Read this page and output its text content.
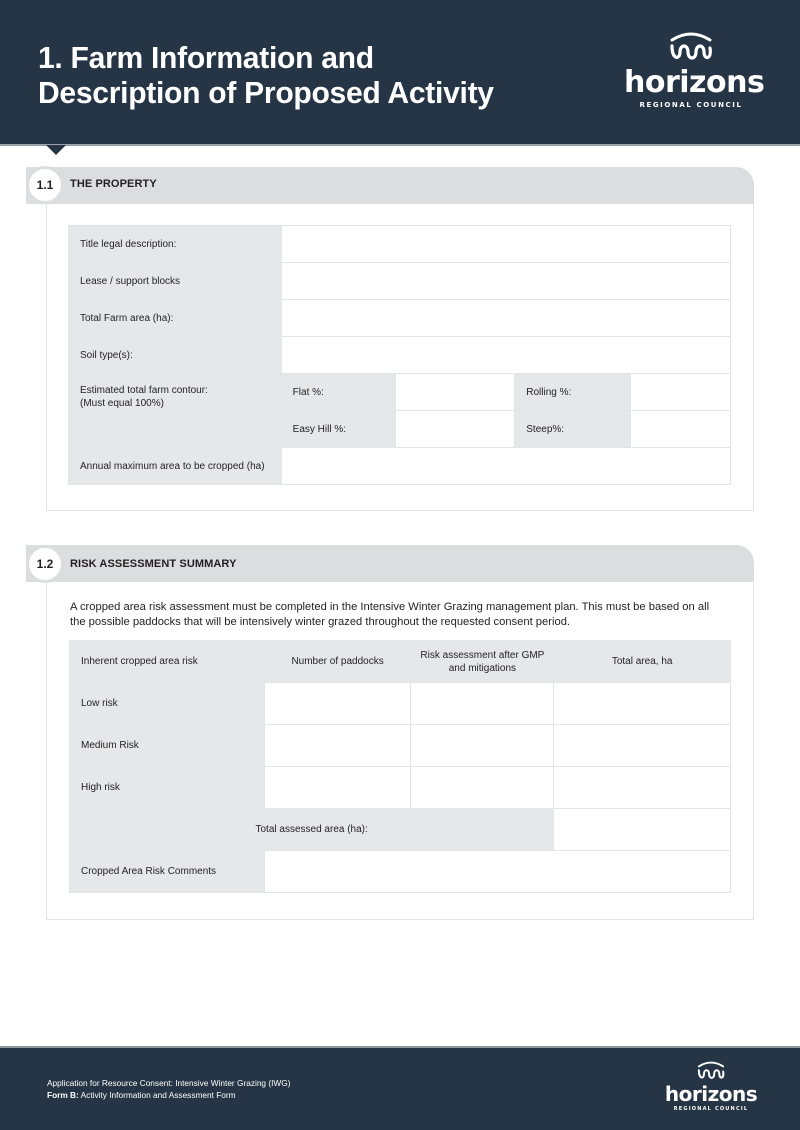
1. Farm Information and
Description of Proposed Activity	horizons
REGIONAL COUNCIL
1.1 THE PROPERTY
Title legal description:				
Lease / support blocks				
Total Farm area (ha):				
Soil type(s):				

Estimated total farm contour:
(Must equal 100%)	Flat %:		Rolling %:	
	Easy Hill %:		Steep%:	
Annual maximum area to be cropped (ha)				
1.2 RISK ASSESSMENT SUMMARY
A cropped area risk assessment must be completed in the Intensive Winter Grazing management plan. This must be based on all
the possible paddocks that will be intensively winter grazed throughout the requested consent period.
Inherent cropped area risk	Number of paddocks	Risk assessment after GMP
and mitigations	Total area, ha
Low risk			
Medium Risk			
High risk			
Total assessed area (ha):			
Cropped Area Risk Comments			
Application for Resource Consent: Intensive Winter Grazing (IWG)
Form B: Activity Information and Assessment Form	horizons
REGIONAL COUNCIL
